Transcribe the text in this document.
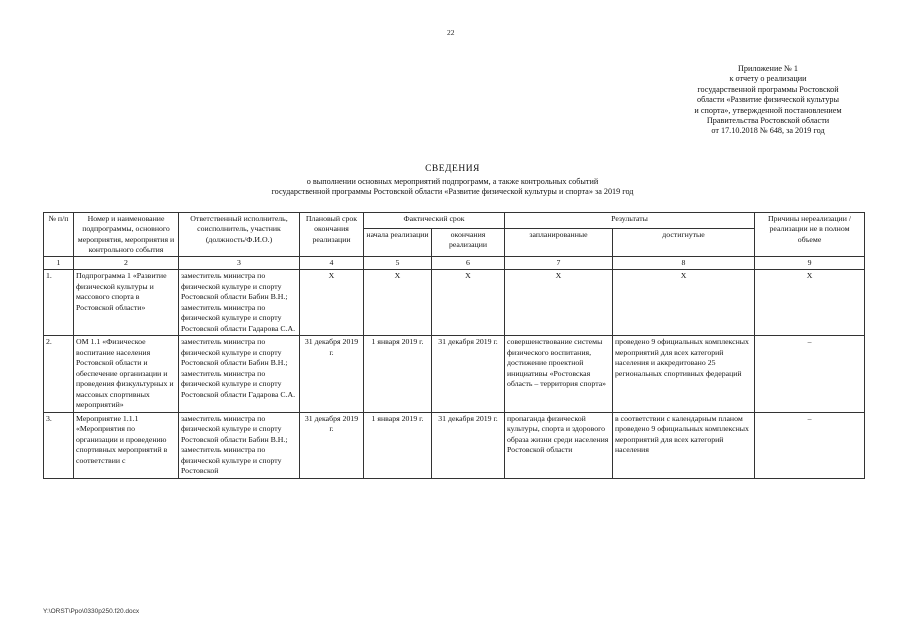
22
Приложение № 1
к отчету о реализации
государственной программы Ростовской
области «Развитие физической культуры
и спорта», утвержденной постановлением
Правительства Ростовской области
от 17.10.2018 № 648, за 2019 год
СВЕДЕНИЯ
о выполнении основных мероприятий подпрограмм, а также контрольных событий
государственной программы Ростовской области «Развитие физической культуры и спорта» за 2019 год
№ п/п	Номер и наименование подпрограммы, основного мероприятия, мероприятия и контрольного события	Ответственный исполнитель, соисполнитель, участник (должность/Ф.И.О.)	Плановый срок окончания реализации	Фактический срок		Результаты		Причины нереализации / реализации не в полном объеме
				начала реализации	окончания реализации	запланированные	достигнутые	
1	2	3	4	5	6	7	8	9
1.	Подпрограмма 1 «Развитие физической культуры и массового спорта в Ростовской области»	заместитель министра по физической культуре и спорту Ростовской области Бабин В.Н.; заместитель министра по физической культуре и спорту Ростовской области Гадарова С.А.	Х	Х	Х	Х	Х	Х
2.	ОМ 1.1 «Физическое воспитание населения Ростовской области и обеспечение организации и проведения физкультурных и массовых спортивных мероприятий»	заместитель министра по физической культуре и спорту Ростовской области Бабин В.Н.; заместитель министра по физической культуре и спорту Ростовской области Гадарова С.А.	31 декабря 2019 г.	1 января 2019 г.	31 декабря 2019 г.	совершенствование системы физического воспитания, достижение проектной инициативы «Ростовская область – территория спорта»	проведено 9 официальных комплексных мероприятий для всех категорий населения и аккредитовано 25 региональных спортивных федераций	–
3.	Мероприятие 1.1.1 «Мероприятия по организации и проведению спортивных мероприятий в соответствии с	заместитель министра по физической культуре и спорту Ростовской области Бабин В.Н.; заместитель министра по физической культуре и спорту Ростовской	31 декабря 2019 г.	1 января 2019 г.	31 декабря 2019 г.	пропаганда физической культуры, спорта и здорового образа жизни среди населения Ростовской области	в соответствии с календарным планом проведено 9 официальных комплексных мероприятий для всех категорий населения	–
Y:\ORST\Ppo\0330p250.f20.docx
